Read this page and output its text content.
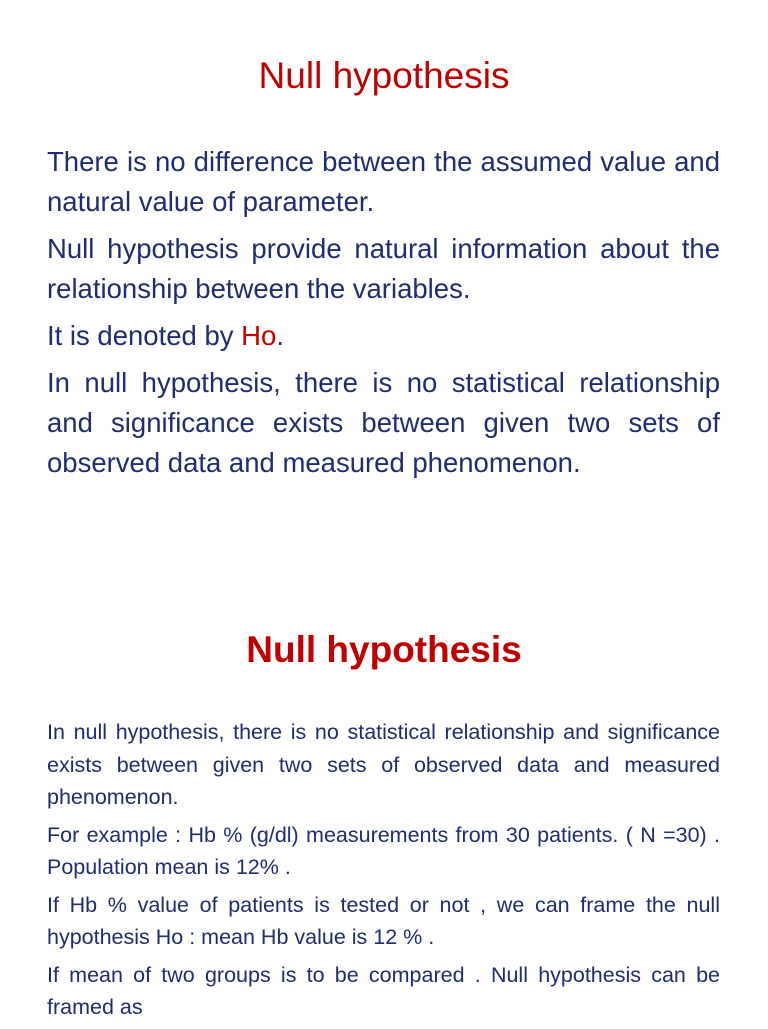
Null hypothesis

There is no difference between the assumed value and natural value of parameter.

Null hypothesis provide natural information about the relationship between the variables.

It is denoted by Ho.

In null hypothesis, there is no statistical relationship and significance exists between given two sets of observed data and measured phenomenon.

Null hypothesis

In null hypothesis, there is no statistical relationship and significance exists between given two sets of observed data and measured phenomenon.

For example : Hb % (g/dl) measurements from 30 patients. ( N =30) . Population mean is 12% .

If Hb % value of patients is tested or not , we can frame the null hypothesis Ho : mean Hb value is 12 % .

If mean of two groups is to be compared . Null hypothesis can be framed as
